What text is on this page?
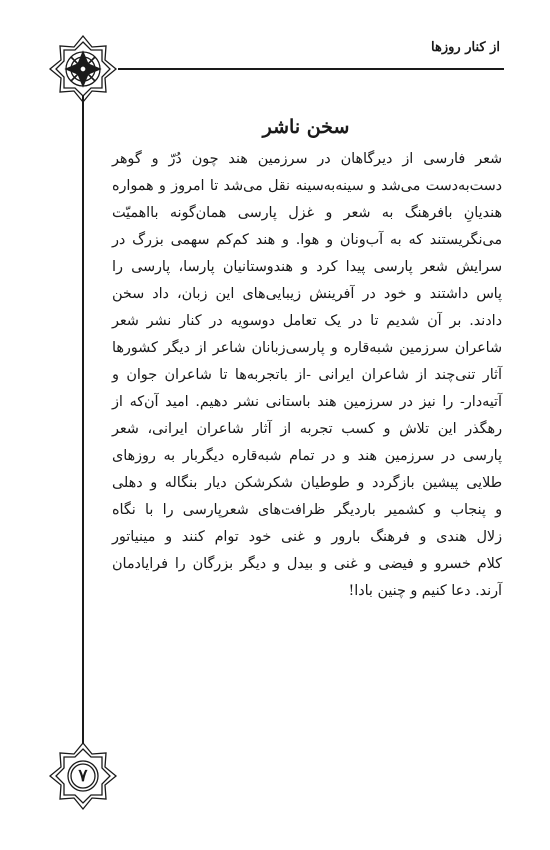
از کنار روزها
۷
سخن ناشر
شعر فارسی از دیرگاهان در سرزمین هند چون دُرّ و گوهر
دست‌به‌دست می‌شد و سینه‌به‌سینه نقل می‌شد تا امروز و همواره
هندیانِ بافرهنگ به شعر و غزل پارسی همان‌گونه بااهمیّت
می‌نگریستند که به آب‌ونان و هوا. و هند کم‌کم سهمی بزرگ در
سرایش شعر پارسی پیدا کرد و هندوستانیان پارسا، پارسی را
پاس داشتند و خود در آفرینش زیبایی‌های این زبان، داد سخن
دادند. بر آن شدیم تا در یک تعامل دوسویه در کنار نشر شعر
شاعران سرزمین شبه‌قاره و پارسی‌زبانان شاعر از دیگر کشورها
آثار تنی‌چند از شاعران ایرانی -از باتجربه‌ها تا شاعران جوان و
آتیه‌دار- را نیز در سرزمین هند باستانی نشر دهیم. امید آن‌که از
رهگذر این تلاش و کسب تجربه از آثار شاعران ایرانی، شعر
پارسی در سرزمین هند و در تمام شبه‌قاره دیگربار به روزهای
طلایی پیشین بازگردد و طوطیان شکرشکن دیار بنگاله و دهلی
و پنجاب و کشمیر باردیگر ظرافت‌های شعرپارسی را با نگاه
زلال هندی و فرهنگ بارور و غنی خود توام کنند و مینیاتور
کلام خسرو و فیضی و غنی و بیدل و دیگر بزرگان را فرایادمان
آرند. دعا کنیم و چنین بادا!
